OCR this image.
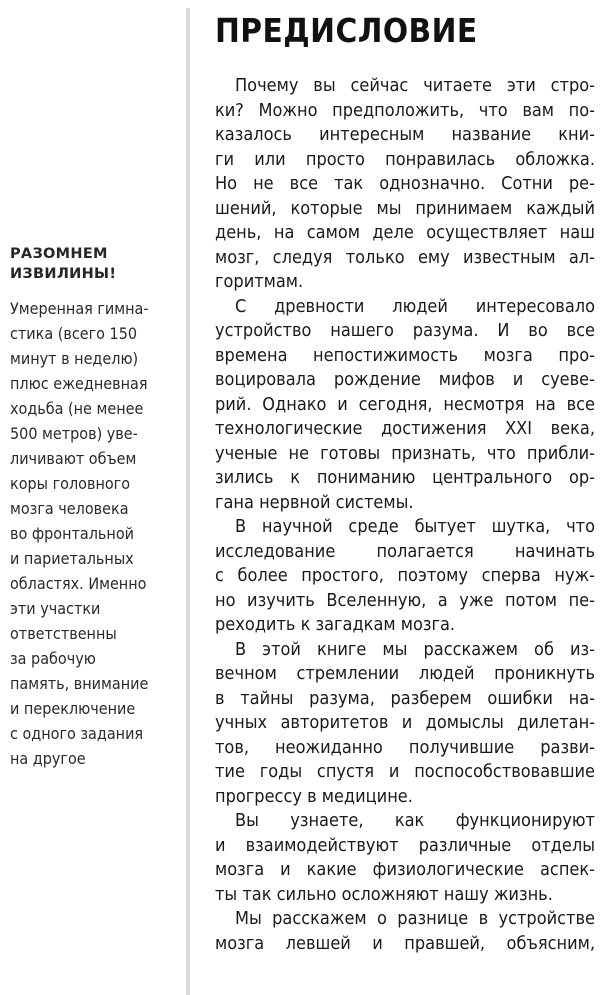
РАЗОМНЕМ
ИЗВИЛИНЫ!
Умеренная гимна-
стика (всего 150
минут в неделю)
плюс ежедневная
ходьба (не менее
500 метров) уве-
личивают объем
коры головного
мозга человека
во фронтальной
и париетальных
областях. Именно
эти участки
ответственны
за рабочую
память, внимание
и переключение
с одного задания
на другое
ПРЕДИСЛОВИЕ
Почему вы сейчас читаете эти стро-
ки? Можно предположить, что вам по-
казалось интересным название кни-
ги или просто понравилась обложка.
Но не все так однозначно. Сотни ре-
шений, которые мы принимаем каждый
день, на самом деле осуществляет наш
мозг, следуя только ему известным ал-
горитмам.
С древности людей интересовало
устройство нашего разума. И во все
времена непостижимость мозга про-
воцировала рождение мифов и суеве-
рий. Однако и сегодня, несмотря на все
технологические достижения XXI века,
ученые не готовы признать, что прибли-
зились к пониманию центрального ор-
гана нервной системы.
В научной среде бытует шутка, что
исследование полагается начинать
с более простого, поэтому сперва нуж-
но изучить Вселенную, а уже потом пе-
реходить к загадкам мозга.
В этой книге мы расскажем об из-
вечном стремлении людей проникнуть
в тайны разума, разберем ошибки на-
учных авторитетов и домыслы дилетан-
тов, неожиданно получившие разви-
тие годы спустя и поспособствовавшие
прогрессу в медицине.
Вы узнаете, как функционируют
и взаимодействуют различные отделы
мозга и какие физиологические аспек-
ты так сильно осложняют нашу жизнь.
Мы расскажем о разнице в устройстве
мозга левшей и правшей, объясним,
